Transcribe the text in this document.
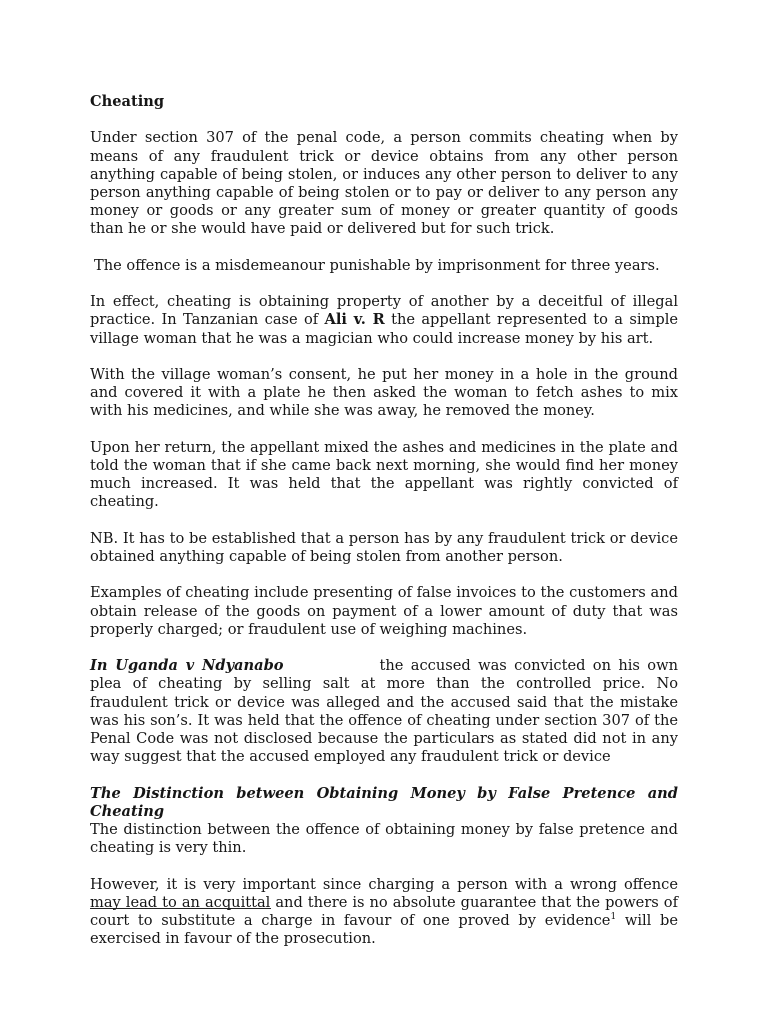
Cheating

Under section 307 of the penal code, a person commits cheating when by means of any fraudulent trick or device obtains from any other person anything capable of being stolen, or induces any other person to deliver to any person anything capable of being stolen or to pay or deliver to any person any money or goods or any greater sum of money or greater quantity of goods than he or she would have paid or delivered but for such trick.

The offence is a misdemeanour punishable by imprisonment for three years.

In effect, cheating is obtaining property of another by a deceitful of illegal practice. In Tanzanian case of Ali v. R the appellant represented to a simple village woman that he was a magician who could increase money by his art.

With the village woman’s consent, he put her money in a hole in the ground and covered it with a plate he then asked the woman to fetch ashes to mix with his medicines, and while she was away, he removed the money.

Upon her return, the appellant mixed the ashes and medicines in the plate and told the woman that if she came back next morning, she would find her money much increased. It was held that the appellant was rightly convicted of cheating.

NB. It has to be established that a person has by any fraudulent trick or device obtained anything capable of being stolen from another person.

Examples of cheating include presenting of false invoices to the customers and obtain release of the goods on payment of a lower amount of duty that was properly charged; or fraudulent use of weighing machines.

In Uganda v Ndyanabo	the accused was convicted on his own plea of cheating by selling salt at more than the controlled price. No fraudulent trick or device was alleged and the accused said that the mistake was his son’s. It was held that the offence of cheating under section 307 of the Penal Code was not disclosed because the particulars as stated did not in any way suggest that the accused employed any fraudulent trick or device

The Distinction between Obtaining Money by False Pretence and Cheating

The distinction between the offence of obtaining money by false pretence and cheating is very thin.

However, it is very important since charging a person with a wrong offence may lead to an acquittal and there is no absolute guarantee that the powers of court to substitute a charge in favour of one proved by evidence$^1$ will be exercised in favour of the prosecution.
